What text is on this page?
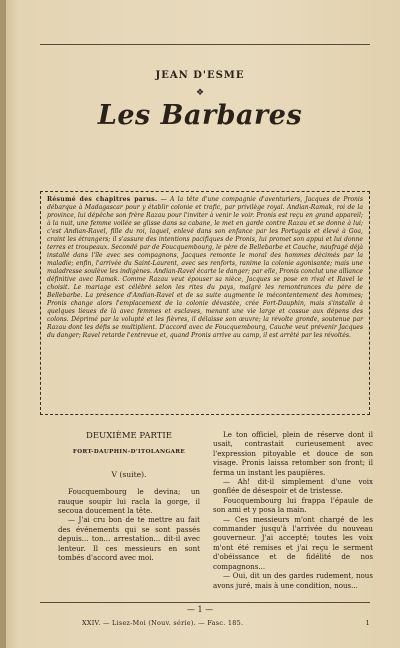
JEAN D'ESME
❖
Les Barbares

Résumé des chapitres parus. — A la tête d'une compagnie d'aventuriers, Jacques de Pronis débarque à Madagascar pour y établir colonie et trafic, par privilège royal. Andian-Ramak, roi de la province, lui dépêche son frère Razau pour l'inviter à venir le voir. Pronis est reçu en grand appareil; à la nuit, une femme voilée se glisse dans sa cabane, le met en garde contre Razau et se donne à lui; c'est Andian-Ravel, fille du roi, laquel, enlevé dans son enfance par les Portugais et élevé à Goa, craint les étrangers; il s'assure des intentions pacifiques de Pronis, lui promet son appui et lui donne terres et troupeaux. Secondé par de Foucquembourg, le père de Bellebarbe et Cauche, naufragé déjà installé dans l'île avec ses compagnons, Jacques remonte le moral des hommes décimés par la maladie; enfin, l'arrivée du Saint-Laurent, avec ses renforts, ranime la colonie agonisante; mais une maladresse soulève les indigènes. Andian-Ravel écarte le danger; par elle, Pronis conclut une alliance définitive avec Ramak. Comme Razau veut épouser sa nièce, Jacques se pose en rival et Ravel le choisit. Le mariage est célébré selon les rites du pays, malgré les remontrances du père de Bellebarbe. La présence d'Andian-Ravel et de sa suite augmente le mécontentement des hommes; Pronis change alors l'emplacement de la colonie dévastée, crée Fort-Dauphin, mais s'installe à quelques lieues de là avec femmes et esclaves, menant une vie large et cossue aux dépens des colons. Déprimé par la volupté et les fièvres, il délaisse son œuvre; la révolte gronde, soutenue par Razau dont les défis se multiplient. D'accord avec de Foucquembourg, Cauche veut prévenir Jacques du danger; Ravel retarde l'entrevue et, quand Pronis arrive au camp, il est arrêté par les révoltés.

DEUXIÈME PARTIE
FORT-DAUPHIN-D'ITOLANGARE
V (suite).

Foucquembourg le devina; un rauque soupir lui racla la gorge, il secoua doucement la tête.

— J'ai cru bon de te mettre au fait des événements qui se sont passés depuis... ton... arrestation... dit-il avec lenteur. Il ces messieurs en sont tombés d'accord avec moi.

Le ton officiel, plein de réserve dont il usait, contrastait curieusement avec l'expression pitoyable et douce de son visage. Pronis laissa retomber son front; il ferma un instant les paupières.

— Ah! dit-il simplement d'une voix gonflée de désespoir et de tristesse.

Foucquembourg lui frappa l'épaule de son ami et y posa la main.

— Ces messieurs m'ont chargé de les commander jusqu'à l'arrivée du nouveau gouverneur. J'ai accepté; toutes les voix m'ont été remises et j'ai reçu le serment d'obéissance et de fidélité de nos compagnons...

— Oui, dit un des gardes rudement, nous avons juré, mais à une condition, nous...

— 1 —
XXIV. — Lisez-Moi (Nouv. série). — Fasc. 185.	1
